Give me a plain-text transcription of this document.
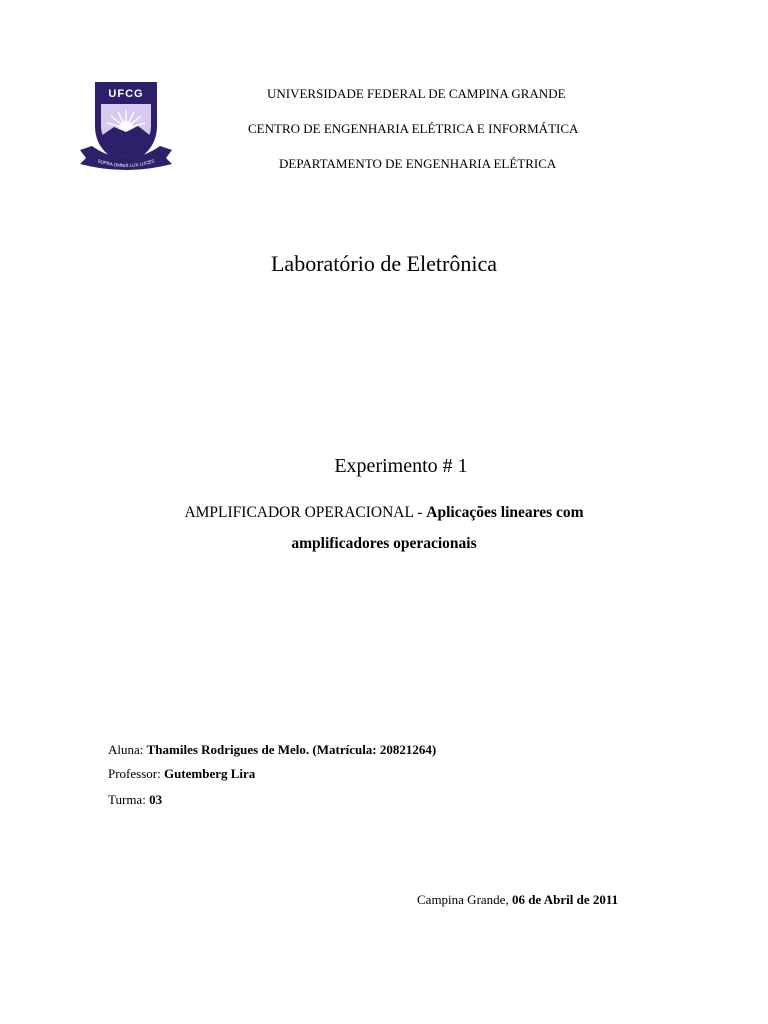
UFCG
SUPRA OMNIS LUX LUCES
UNIVERSIDADE FEDERAL DE CAMPINA GRANDE
CENTRO DE ENGENHARIA ELÉTRICA E INFORMÁTICA
DEPARTAMENTO DE ENGENHARIA ELÉTRICA
Laboratório de Eletrônica
Experimento # 1
AMPLIFICADOR OPERACIONAL - Aplicações lineares com
amplificadores operacionais
Aluna: Thamiles Rodrigues de Melo. (Matrícula: 20821264)
Professor: Gutemberg Lira
Turma: 03
Campina Grande, 06 de Abril de 2011
